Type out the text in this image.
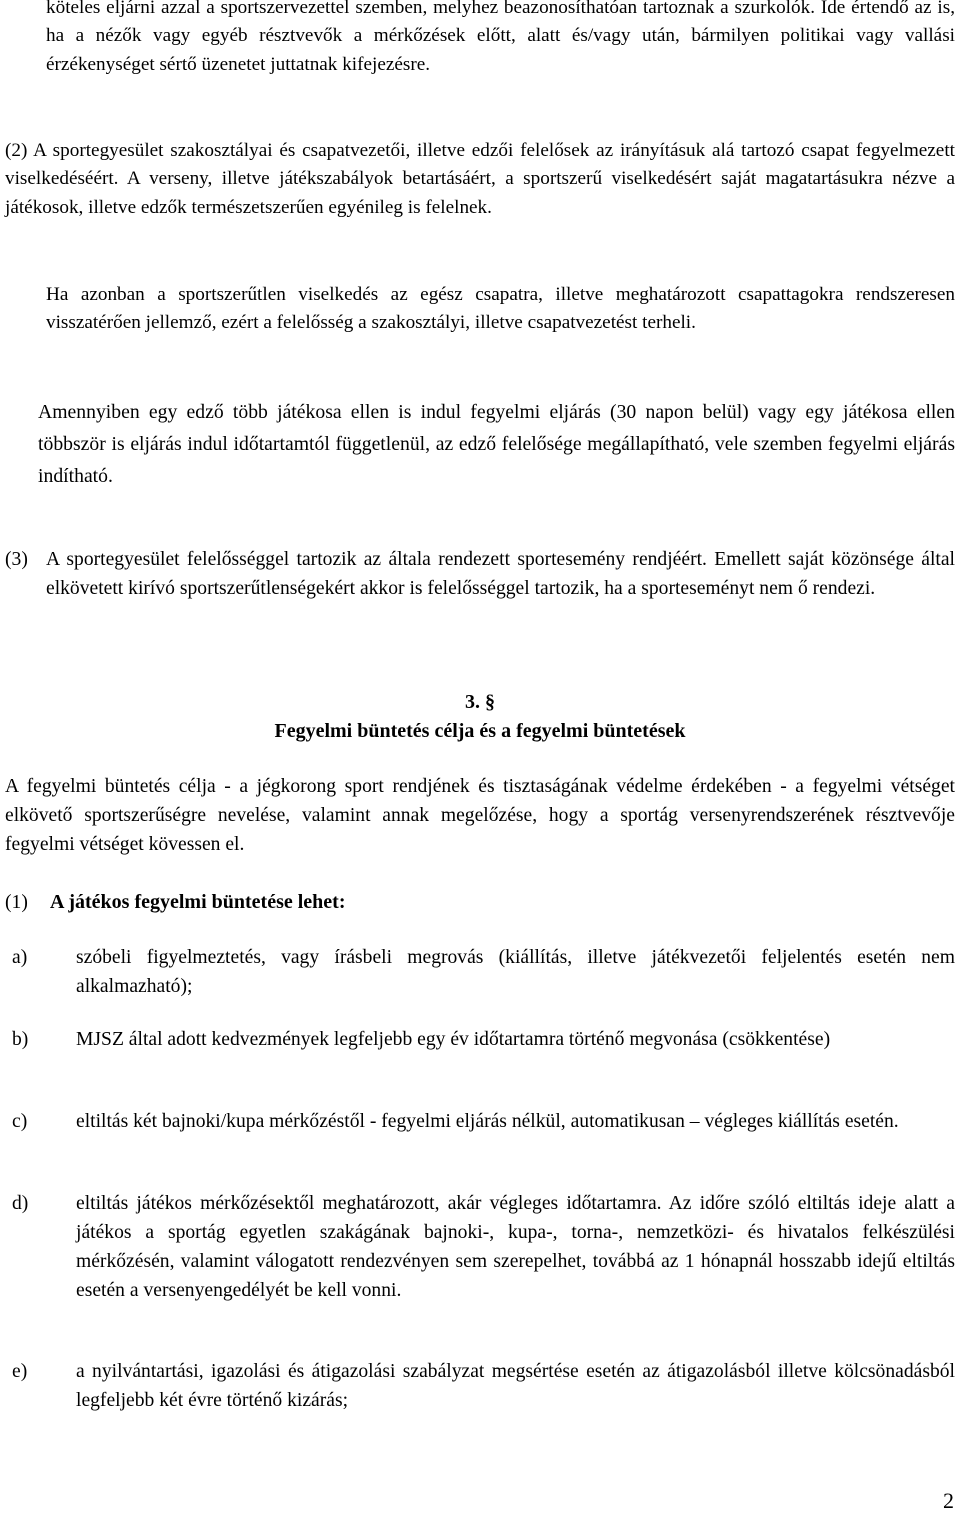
köteles eljárni azzal a sportszervezettel szemben, melyhez beazonosíthatóan tartoznak a szurkolók. Ide értendő az is, ha a nézők vagy egyéb résztvevők a mérkőzések előtt, alatt és/vagy után, bármilyen politikai vagy vallási érzékenységet sértő üzenetet juttatnak kifejezésre.

(2) A sportegyesület szakosztályai és csapatvezetői, illetve edzői felelősek az irányításuk alá tartozó csapat fegyelmezett viselkedéséért. A verseny, illetve játékszabályok betartásáért, a sportszerű viselkedésért saját magatartásukra nézve a játékosok, illetve edzők természetszerűen egyénileg is felelnek.

Ha azonban a sportszerűtlen viselkedés az egész csapatra, illetve meghatározott csapattagokra rendszeresen visszatérően jellemző, ezért a felelősség a szakosztályi, illetve csapatvezetést terheli.

Amennyiben egy edző több játékosa ellen is indul fegyelmi eljárás (30 napon belül) vagy egy játékosa ellen többször is eljárás indul időtartamtól függetlenül, az edző felelősége megállapítható, vele szemben fegyelmi eljárás indítható.

(3) A sportegyesület felelősséggel tartozik az általa rendezett sportesemény rendjéért. Emellett saját közönsége által elkövetett kirívó sportszerűtlenségekért akkor is felelősséggel tartozik, ha a sporteseményt nem ő rendezi.

3. §
Fegyelmi büntetés célja és a fegyelmi büntetések

A fegyelmi büntetés célja - a jégkorong sport rendjének és tisztaságának védelme érdekében - a fegyelmi vétséget elkövető sportszerűségre nevelése, valamint annak megelőzése, hogy a sportág versenyrendszerének résztvevője fegyelmi vétséget kövessen el.

(1) A játékos fegyelmi büntetése lehet:
a) szóbeli figyelmeztetés, vagy írásbeli megrovás (kiállítás, illetve játékvezetői feljelentés esetén nem alkalmazható);

b) MJSZ által adott kedvezmények legfeljebb egy év időtartamra történő megvonása (csökkentése)

c) eltiltás két bajnoki/kupa mérkőzéstől - fegyelmi eljárás nélkül, automatikusan – végleges kiállítás esetén.

d) eltiltás játékos mérkőzésektől meghatározott, akár végleges időtartamra. Az időre szóló eltiltás ideje alatt a játékos a sportág egyetlen szakágának bajnoki-, kupa-, torna-, nemzetközi- és hivatalos felkészülési mérkőzésén, valamint válogatott rendezvényen sem szerepelhet, továbbá az 1 hónapnál hosszabb idejű eltiltás esetén a versenyengedélyét be kell vonni.

e) a nyilvántartási, igazolási és átigazolási szabályzat megsértése esetén az átigazolásból illetve kölcsönadásból legfeljebb két évre történő kizárás;

2
